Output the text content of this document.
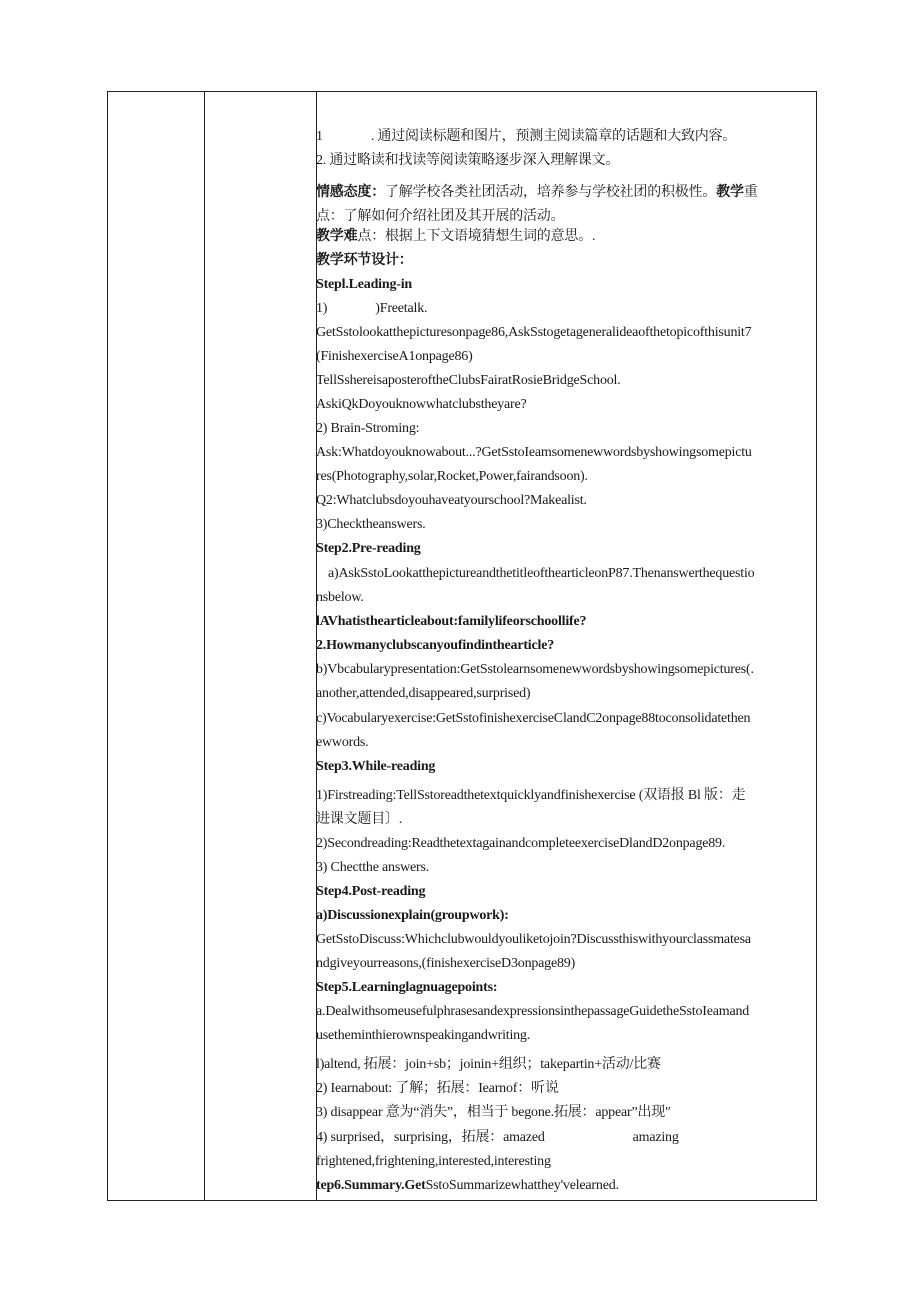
1	. 通过阅读标题和图片，预测主阅读篇章的话题和大致内容。
2. 通过略读和找读等阅读策略逐步深入理解课文。
情感态度：了解学校各类社团活动，培养参与学校社团的积极性。教学重
点：了解如何介绍社团及其开展的活动。
教学难点：根据上下文语境猜想生词的意思。.
教学环节设计：
Stepl.Leading-in
1)	)Freetalk.
GetSstolookatthepicturesonpage86,AskSstogetageneralideaofthetopicofthisunit7
(FinishexerciseA1onpage86)
TellSshereisaposteroftheClubsFairatRosieBridgeSchool.
AskiQkDoyouknowwhatclubstheyare?
2) Brain-Stroming:
Ask:Whatdoyouknowabout...?GetSstoIeamsomenewwordsbyshowingsomepictu
res(Photography,solar,Rocket,Power,fairandsoon).
Q2:Whatclubsdoyouhaveatyourschool?Makealist.
3)Checktheanswers.
Step2.Pre-reading
a)AskSstoLookatthepictureandthetitleofthearticleonP87.Thenanswerthequestio
nsbelow.
lAVhatisthearticleabout:familylifeorschoollife?
2.Howmanyclubscanyoufindinthearticle?
b)Vbcabularypresentation:GetSstolearnsomenewwordsbyshowingsomepictures(.
another,attended,disappeared,surprised)
c)Vocabularyexercise:GetSstofinishexerciseClandC2onpage88toconsolidatethen
ewwords.
Step3.While-reading
1)Firstreading:TellSstoreadthetextquicklyandfinishexercise (双语报 Bl 版：走
进课文题目〕.
2)Secondreading:ReadthetextagainandcompleteexerciseDlandD2onpage89.
3) Chectthe answers.
Step4.Post-reading
a)Discussionexplain(groupwork):
GetSstoDiscuss:Whichclubwouldyouliketojoin?Discussthiswithyourclassmatesa
ndgiveyourreasons,(finishexerciseD3onpage89)
Step5.Learninglagnuagepoints:
a.DealwithsomeusefulphrasesandexpressionsinthepassageGuidetheSstoIeamand
usetheminthierownspeakingandwriting.
l)altend, 拓展：join+sb；joinin+组织；takepartin+活动/比赛
2) Iearnabout: 了解；拓展：Iearnof：听说
3) disappear 意为“消失”，相当于 begone.拓展：appear”出现″
4) surprised，surprising，拓展：amazed	amazing
frightened,frightening,interested,interesting
tep6.Summary.GetSstoSummarizewhatthey'velearned.
